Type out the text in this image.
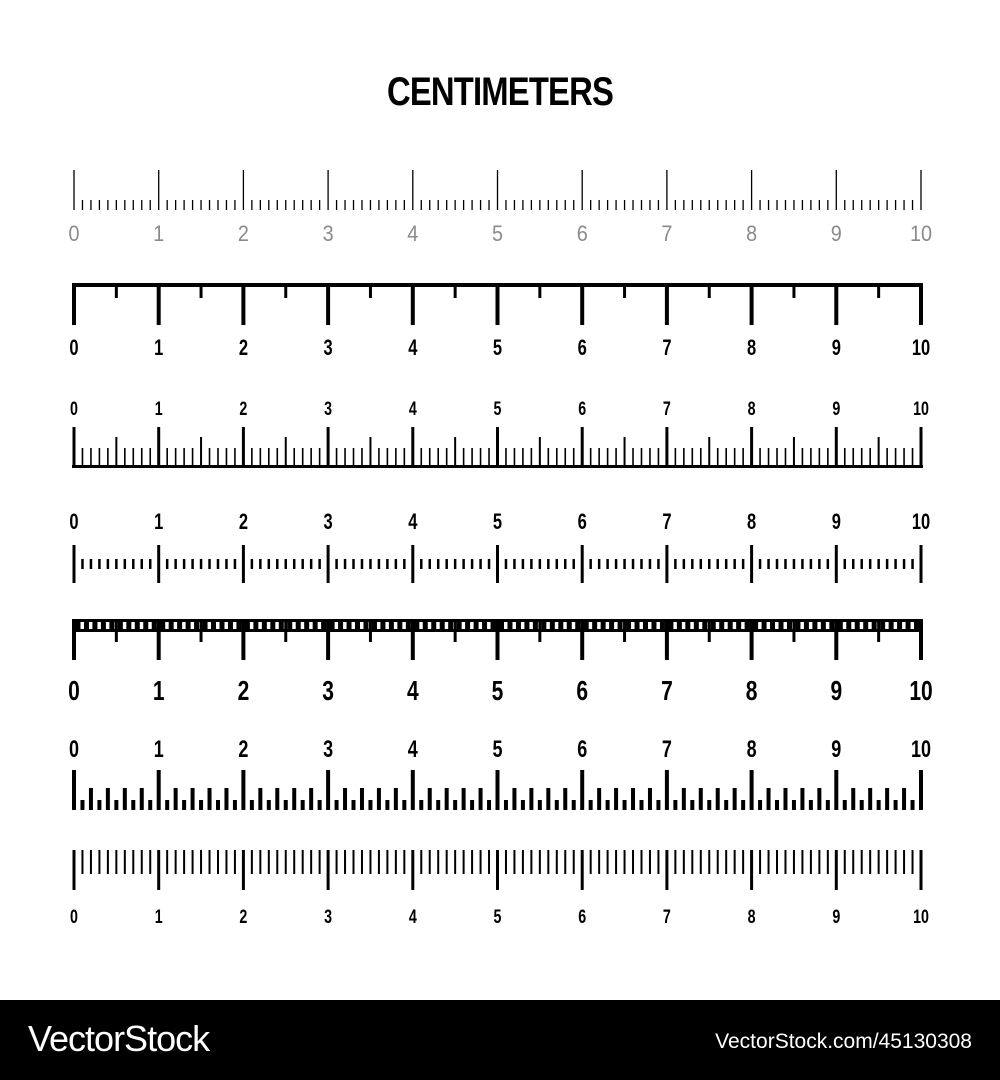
CENTIMETERS
0	1	2	3	4	5	6	7	8	9	10
0	1	2	3	4	5	6	7	8	9	10
0	1	2	3	4	5	6	7	8	9	10
0	1	2	3	4	5	6	7	8	9	10
0	1	2	3	4	5	6	7	8	9 10
0	1	2	3	4	5	6	7	8	9	10
0	1	2	3	4	5	6	7	8	9	10
VectorStock	VectorStock.com/45130308
